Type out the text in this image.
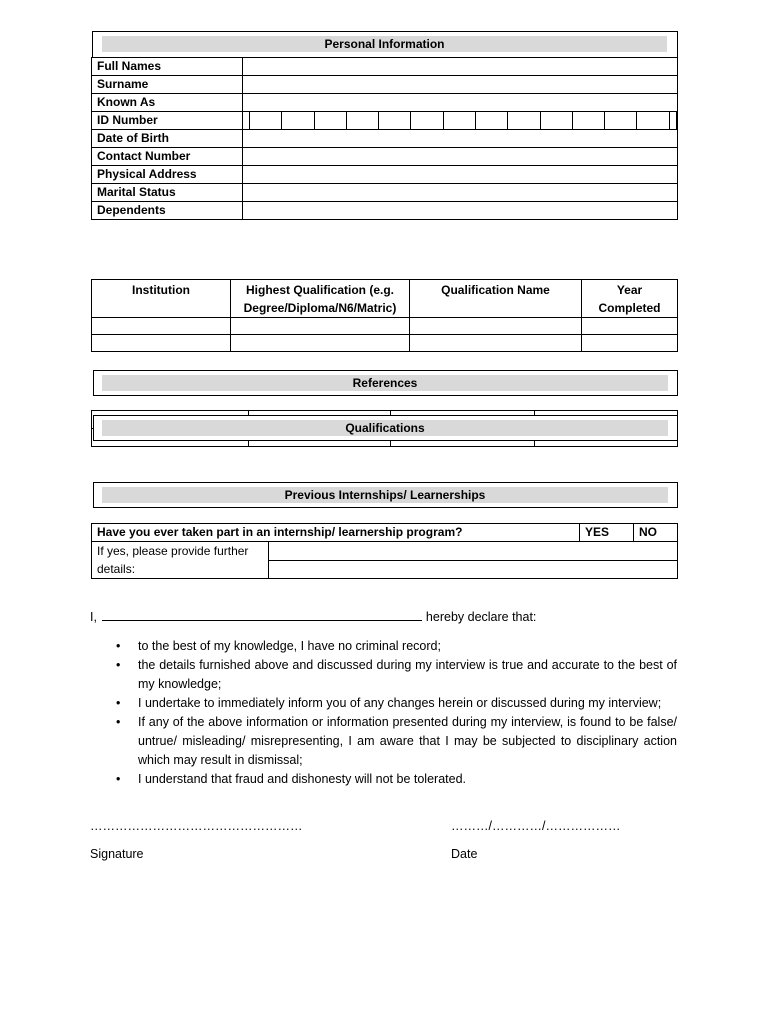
Personal Information
Full Names	
Surname	
Known As	
ID Number	

Date of Birth	
Contact Number	
Physical Address	
Marital Status	
Dependents	
Institution	Highest Qualification (e.g. Degree/Diploma/N6/Matric)	Qualification Name	Year Completed

References

Qualifications
Previous Internships/ Learnerships
Have you ever taken part in an internship/ learnership program?		YES	NO
If yes, please provide further details:			

I,	hereby declare that:
• to the best of my knowledge, I have no criminal record;
• the details furnished above and discussed during my interview is true and accurate to the best of my knowledge;
• I undertake to immediately inform you of any changes herein or discussed during my interview;
• If any of the above information or information presented during my interview, is found to be false/ untrue/ misleading/ misrepresenting, I am aware that I may be subjected to disciplinary action which may result in dismissal;
• I understand that fraud and dishonesty will not be tolerated.
……………………………………………
Signature
………/…………/………………
Date
